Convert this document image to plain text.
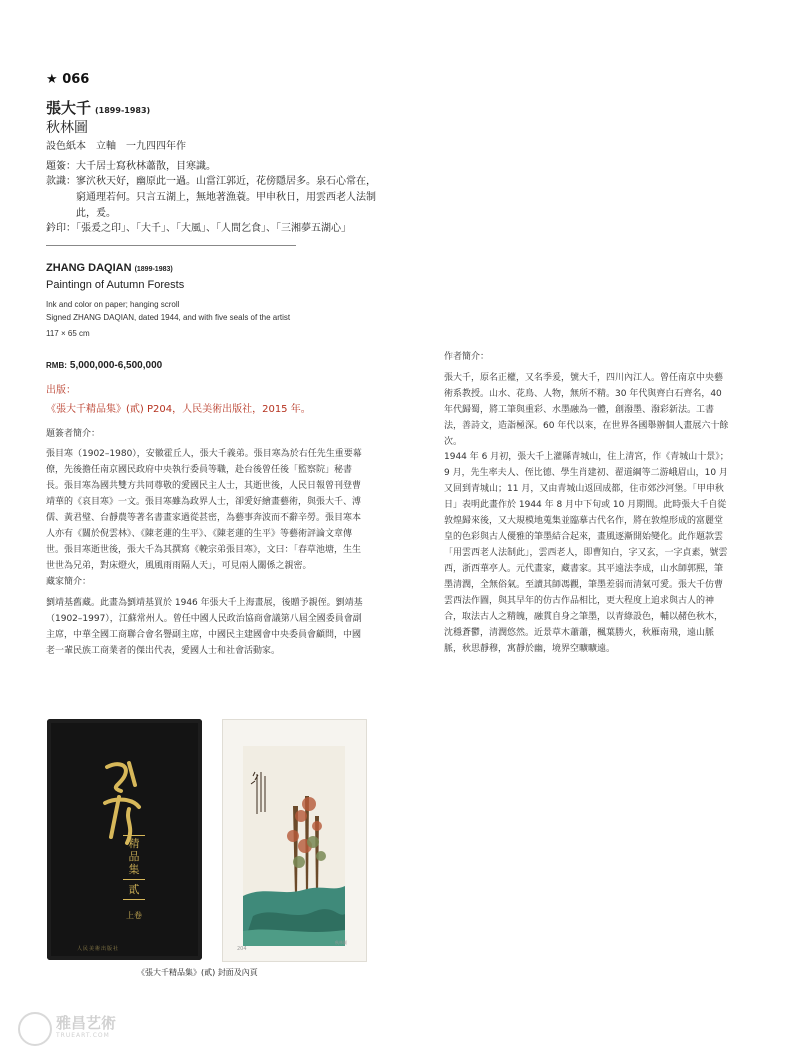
★ 066
張大千 (1899-1983)
秋林圖
設色紙本　立軸　一九四四年作
題簽：大千居士寫秋林蕭散，目寒識。
款識： 寥泬秋天好，幽原此一過。山當江郭近，花傍隱居多。泉石心常在，窮通理若何。只言五湖上，無地著漁蓑。甲申秋日，用雲西老人法制此，爰。
鈐印：「張爰之印」、「大千」、「大風」、「人間乞食」、「三湘夢五湖心」
ZHANG DAQIAN (1899-1983)
Paintingn of Autumn Forests
Ink and color on paper; hanging scroll
Signed ZHANG DAQIAN, dated 1944, and with five seals of the artist
117 × 65 cm
RMB: 5,000,000-6,500,000
出版：
《張大千精品集》(貳) P204，人民美術出版社，2015 年。
題簽者簡介：
張目寒（1902–1980），安徽霍丘人，張大千義弟。張目寒為於右任先生重要幕僚，先後擔任南京國民政府中央執行委員等職，赴台後曾任後「監察院」秘書長。張目寒為國共雙方共同尊敬的愛國民主人士，其逝世後，人民日報曾刊登曹靖華的《哀目寒》一文。張目寒雖為政界人士，卻愛好繪畫藝術，與張大千、溥儒、黃君璧、台靜農等著名書畫家過從甚密，為藝事奔波而不辭辛勞。張目寒本人亦有《關於倪雲林》、《陳老蓮的生平》、《陳老蓮的生平》等藝術評論文章傳世。張目寒逝世後，張大千為其撰寫《輓宗弟張目寒》，文曰：「春草池塘，生生世世為兄弟，對床燈火，風風雨雨隔人天」，可見兩人關係之親密。
藏家簡介：
劉靖基舊藏。此畫為劉靖基買於 1946 年張大千上海畫展，後贈予親侄。劉靖基（1902–1997），江蘇常州人。曾任中國人民政治協商會議第八屆全國委員會副主席，中華全國工商聯合會名譽副主席，中國民主建國會中央委員會顧問，中國老一輩民族工商業者的傑出代表，愛國人士和社會活動家。
作者簡介：
張大千，原名正權，又名季爰，號大千，四川內江人。曾任南京中央藝術系教授。山水、花鳥、人物，無所不精。30 年代與齊白石齊名，40 年代歸蜀，將工筆與重彩、水墨融為一體，創潑墨、潑彩新法。工書法，善詩文，造詣極深。60 年代以來，在世界各國舉辦個人畫展六十餘次。
1944 年 6 月初，張大千上灌縣青城山，住上清宮，作《青城山十景》；9 月，先生率夫人、侄比德、學生肖建初、翟道綱等二游峨眉山，10 月又回到青城山；11 月，又由青城山返回成都，住市郊沙河堡。「甲申秋日」表明此畫作於 1944 年 8 月中下旬或 10 月期間。此時張大千自從敦煌歸來後，又大規模地蒐集並臨摹古代名作，將在敦煌形成的富麗堂皇的色彩與古人優雅的筆墨結合起來，畫風逐漸開始變化。此作題款雲「用雲西老人法制此」，雲西老人，即曹知白，字又玄，一字貞素，號雲西，浙西華亭人。元代畫家，藏書家。其平遠法李成，山水師郭熙，筆墨清潤，全無俗氣。至讀其師馮觀，筆墨差弱而清氣可愛。張大千仿曹雲西法作圖，與其早年的仿古作品相比，更大程度上追求與古人的神合，取法古人之精魄，融貫自身之筆墨，以青綠設色，輔以赭色秋木，沈穩蒼鬱，清潤悠然。近景草木蕭蕭，楓葉勝火，秋雁南飛，遠山脈脈，秋思靜穆，寓靜於幽，境界空曠曠遠。
精品集
貳
上卷
人民美術出版社	204
秋林圖
《張大千精品集》(貳) 封面及內頁
雅昌艺術
TRUEART.COM
